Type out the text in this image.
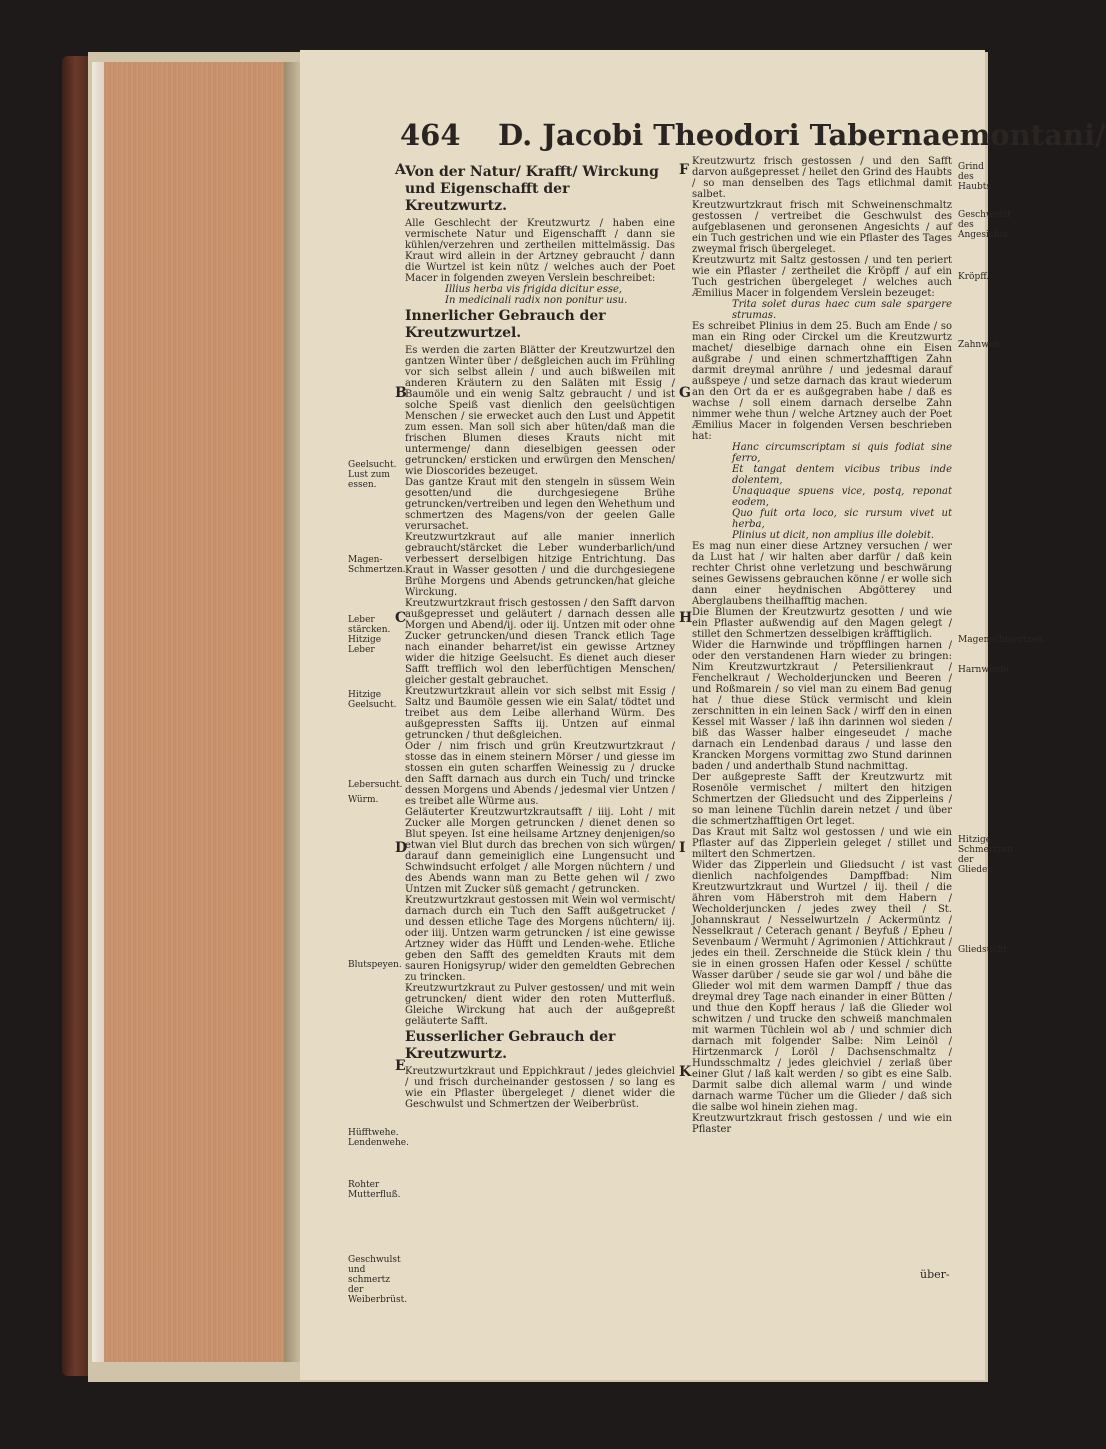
464 D. Jacobi Theodori Tabernaemontani/
A
B
C
D
E
F
G
H
I
K
Von der Natur/ Krafft/ Wirckung und Eigenschafft der Kreutzwurtz.

Alle Geschlecht der Kreutzwurtz / haben eine vermischete Natur und Eigenschafft / dann sie kühlen/verzehren und zertheilen mittelmässig. Das Kraut wird allein in der Artzney gebraucht / dann die Wurtzel ist kein nütz / welches auch der Poet Macer in folgenden zweyen Verslein beschreibet:

Illius herba vis frigida dicitur esse,

In medicinali radix non ponitur usu.

Innerlicher Gebrauch der Kreutzwurtzel.

Es werden die zarten Blätter der Kreutzwurtzel den gantzen Winter über / deßgleichen auch im Frühling vor sich selbst allein / und auch bißweilen mit anderen Kräutern zu den Saläten mit Essig / Baumöle und ein wenig Saltz gebraucht / und ist solche Speiß vast dienlich den geelsüchtigen Menschen / sie erwecket auch den Lust und Appetit zum essen. Man soll sich aber hüten/daß man die frischen Blumen dieses Krauts nicht mit untermenge/ dann dieselbigen geessen oder getruncken/ ersticken und erwürgen den Menschen/ wie Dioscorides bezeuget.

Das gantze Kraut mit den stengeln in süssem Wein gesotten/und die durchgesiegene Brühe getruncken/vertreiben und legen den Wehethum und schmertzen des Magens/von der geelen Galle verursachet.

Kreutzwurtzkraut auf alle manier innerlich gebraucht/stärcket die Leber wunderbarlich/und verbessert derselbigen hitzige Entrichtung. Das Kraut in Wasser gesotten / und die durchgesiegene Brühe Morgens und Abends getruncken/hat gleiche Wirckung.

Kreutzwurtzkraut frisch gestossen / den Safft darvon außgepresset und geläutert / darnach dessen alle Morgen und Abend/ij. oder iij. Untzen mit oder ohne Zucker getruncken/und diesen Tranck etlich Tage nach einander beharret/ist ein gewisse Artzney wider die hitzige Geelsucht. Es dienet auch dieser Safft trefflich wol den leberfüchtigen Menschen/ gleicher gestalt gebrauchet.

Kreutzwurtzkraut allein vor sich selbst mit Essig / Saltz und Baumöle gessen wie ein Salat/ tödtet und treibet aus dem Leibe allerhand Würm. Des außgepressten Saffts iij. Untzen auf einmal getruncken / thut deßgleichen.

Oder / nim frisch und grün Kreutzwurtzkraut / stosse das in einem steinern Mörser / und giesse im stossen ein guten scharffen Weinessig zu / drucke den Safft darnach aus durch ein Tuch/ und trincke dessen Morgens und Abends / jedesmal vier Untzen / es treibet alle Würme aus.

Geläuterter Kreutzwurtzkrautsafft / iiij. Loht / mit Zucker alle Morgen getruncken / dienet denen so Blut speyen. Ist eine heilsame Artzney denjenigen/so etwan viel Blut durch das brechen von sich würgen/ darauf dann gemeiniglich eine Lungensucht und Schwindsucht erfolget / alle Morgen nüchtern / und des Abends wann man zu Bette gehen wil / zwo Untzen mit Zucker süß gemacht / getruncken.

Kreutzwurtzkraut gestossen mit Wein wol vermischt/ darnach durch ein Tuch den Safft außgetrucket / und dessen etliche Tage des Morgens nüchtern/ iij. oder iiij. Untzen warm getruncken / ist eine gewisse Artzney wider das Hüfft und Lenden-wehe. Etliche geben den Safft des gemeldten Krauts mit dem sauren Honigsyrup/ wider den gemeldten Gebrechen zu trincken.

Kreutzwurtzkraut zu Pulver gestossen/ und mit wein getruncken/ dient wider den roten Mutterfluß. Gleiche Wirckung hat auch der außgepreßt geläuterte Safft.

Eusserlicher Gebrauch der Kreutzwurtz.

Kreutzwurtzkraut und Eppichkraut / jedes gleichviel / und frisch durcheinander gestossen / so lang es wie ein Pflaster übergeleget / dienet wider die Geschwulst und Schmertzen der Weiberbrüst.

Kreutzwurtz frisch gestossen / und den Safft darvon außgepresset / heilet den Grind des Haubts / so man denselben des Tags etlichmal damit salbet.

Kreutzwurtzkraut frisch mit Schweinenschmaltz gestossen / vertreibet die Geschwulst des aufgeblasenen und geronsenen Angesichts / auf ein Tuch gestrichen und wie ein Pflaster des Tages zweymal frisch übergeleget.

Kreutzwurtz mit Saltz gestossen / und ten periert wie ein Pflaster / zertheilet die Kröpff / auf ein Tuch gestrichen übergeleget / welches auch Æmilius Macer in folgendem Verslein bezeuget:

Trita solet duras haec cum sale spargere strumas.

Es schreibet Plinius in dem 25. Buch am Ende / so man ein Ring oder Circkel um die Kreutzwurtz machet/ dieselbige darnach ohne ein Eisen außgrabe / und einen schmertzhafftigen Zahn darmit dreymal anrühre / und jedesmal darauf außspeye / und setze darnach das kraut wiederum an den Ort da er es außgegraben habe / daß es wachse / soll einem darnach derselbe Zahn nimmer wehe thun / welche Artzney auch der Poet Æmilius Macer in folgenden Versen beschrieben hat:

Hanc circumscriptam si quis fodiat sine ferro,

Et tangat dentem vicibus tribus inde dolentem,

Unaquaque spuens vice, postq, reponat eodem,

Quo fuit orta loco, sic rursum vivet ut herba,

Plinius ut dicit, non amplius ille dolebit.

Es mag nun einer diese Artzney versuchen / wer da Lust hat / wir halten aber darfür / daß kein rechter Christ ohne verletzung und beschwärung seines Gewissens gebrauchen könne / er wolle sich dann einer heydnischen Abgötterey und Aberglaubens theilhafftig machen.

Die Blumen der Kreutzwurtz gesotten / und wie ein Pflaster außwendig auf den Magen gelegt / stillet den Schmertzen desselbigen kräfftiglich.

Wider die Harnwinde und tröpfflingen harnen / oder den verstandenen Harn wieder zu bringen: Nim Kreutzwurtzkraut / Petersilienkraut / Fenchelkraut / Wecholderjuncken und Beeren / und Roßmarein / so viel man zu einem Bad genug hat / thue diese Stück vermischt und klein zerschnitten in ein leinen Sack / wirff den in einen Kessel mit Wasser / laß ihn darinnen wol sieden / biß das Wasser halber eingeseudet / mache darnach ein Lendenbad daraus / und lasse den Krancken Morgens vormittag zwo Stund darinnen baden / und anderthalb Stund nachmittag.

Der außgepreste Safft der Kreutzwurtz mit Rosenöle vermischet / miltert den hitzigen Schmertzen der Gliedsucht und des Zipperleins / so man leinene Tüchlin darein netzet / und über die schmertzhafftigen Ort leget.

Das Kraut mit Saltz wol gestossen / und wie ein Pflaster auf das Zipperlein geleget / stillet und miltert den Schmertzen.

Wider das Zipperlein und Gliedsucht / ist vast dienlich nachfolgendes Dampffbad: Nim Kreutzwurtzkraut und Wurtzel / iij. theil / die ähren vom Häberstroh mit dem Habern / Wecholderjuncken / jedes zwey theil / St. Johannskraut / Nesselwurtzeln / Ackermüntz / Nesselkraut / Ceterach genant / Beyfuß / Epheu / Sevenbaum / Wermuht / Agrimonien / Attichkraut / jedes ein theil. Zerschneide die Stück klein / thu sie in einen grossen Hafen oder Kessel / schütte Wasser darüber / seude sie gar wol / und bähe die Glieder wol mit dem warmen Dampff / thue das dreymal drey Tage nach einander in einer Bütten / und thue den Kopff heraus / laß die Glieder wol schwitzen / und trucke den schweiß manchmalen mit warmen Tüchlein wol ab / und schmier dich darnach mit folgender Salbe: Nim Leinöl / Hirtzenmarck / Loröl / Dachsenschmaltz / Hundsschmaltz / jedes gleichviel / zerlaß über einer Glut / laß kalt werden / so gibt es eine Salb. Darmit salbe dich allemal warm / und winde darnach warme Tücher um die Glieder / daß sich die salbe wol hinein ziehen mag.

Kreutzwurtzkraut frisch gestossen / und wie ein Pflaster

Geelsucht. Lust zum essen.
Magen-Schmertzen.
Leber stärcken. Hitzige Leber
Hitzige Geelsucht.
Lebersucht.
Würm.
Blutspeyen.
Hüfftwehe. Lendenwehe.
Rohter Mutterfluß.
Geschwulst und schmertz der Weiberbrüst.
Grind des Haubts.
Geschwulst des Angesichts.
Kröpff.
Zahnweh.
Magenschmertzen.
Harnwinde.
Hitzige Schmertzen der Glieder.
Gliedsucht.
über-
